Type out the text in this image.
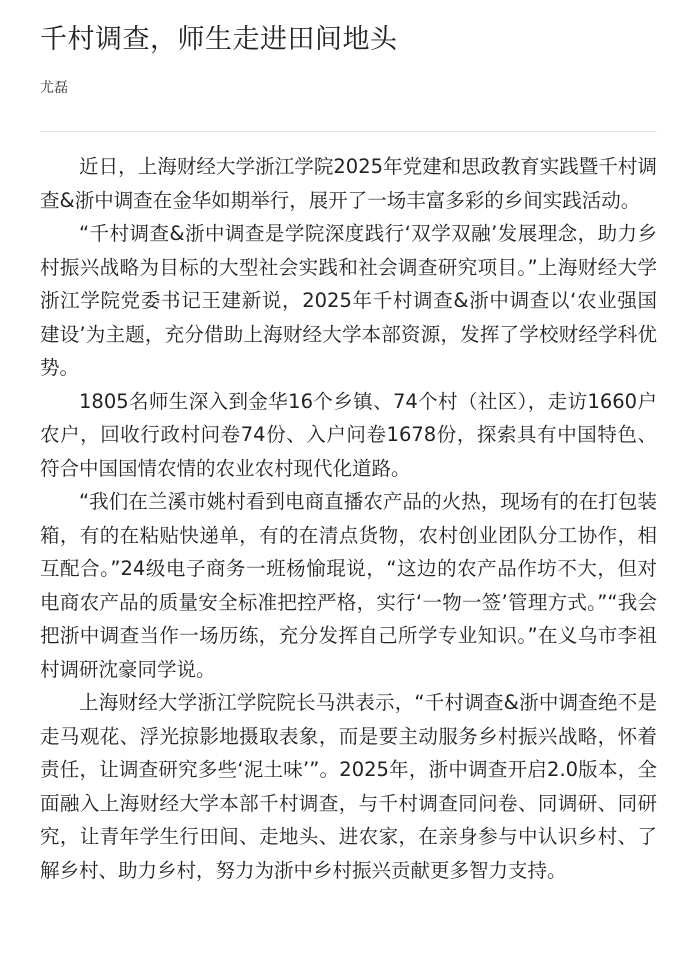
千村调查，师生走进田间地头
尤磊

近日，上海财经大学浙江学院2025年党建和思政教育实践暨千村调查&浙中调查在金华如期举行，展开了一场丰富多彩的乡间实践活动。

“千村调查&浙中调查是学院深度践行‘双学双融’发展理念，助力乡村振兴战略为目标的大型社会实践和社会调查研究项目。”上海财经大学浙江学院党委书记王建新说，2025年千村调查&浙中调查以‘农业强国建设’为主题，充分借助上海财经大学本部资源，发挥了学校财经学科优势。

1805名师生深入到金华16个乡镇、74个村（社区），走访1660户农户，回收行政村问卷74份、入户问卷1678份，探索具有中国特色、符合中国国情农情的农业农村现代化道路。

“我们在兰溪市姚村看到电商直播农产品的火热，现场有的在打包装箱，有的在粘贴快递单，有的在清点货物，农村创业团队分工协作，相互配合。”24级电子商务一班杨愉琨说，“这边的农产品作坊不大，但对电商农产品的质量安全标准把控严格，实行‘一物一签’管理方式。”“我会把浙中调查当作一场历练，充分发挥自己所学专业知识。”在义乌市李祖村调研沈豪同学说。

上海财经大学浙江学院院长马洪表示，“千村调查&浙中调查绝不是走马观花、浮光掠影地摄取表象，而是要主动服务乡村振兴战略，怀着责任，让调查研究多些‘泥土味’”。2025年，浙中调查开启2.0版本，全面融入上海财经大学本部千村调查，与千村调查同问卷、同调研、同研究，让青年学生行田间、走地头、进农家，在亲身参与中认识乡村、了解乡村、助力乡村，努力为浙中乡村振兴贡献更多智力支持。
